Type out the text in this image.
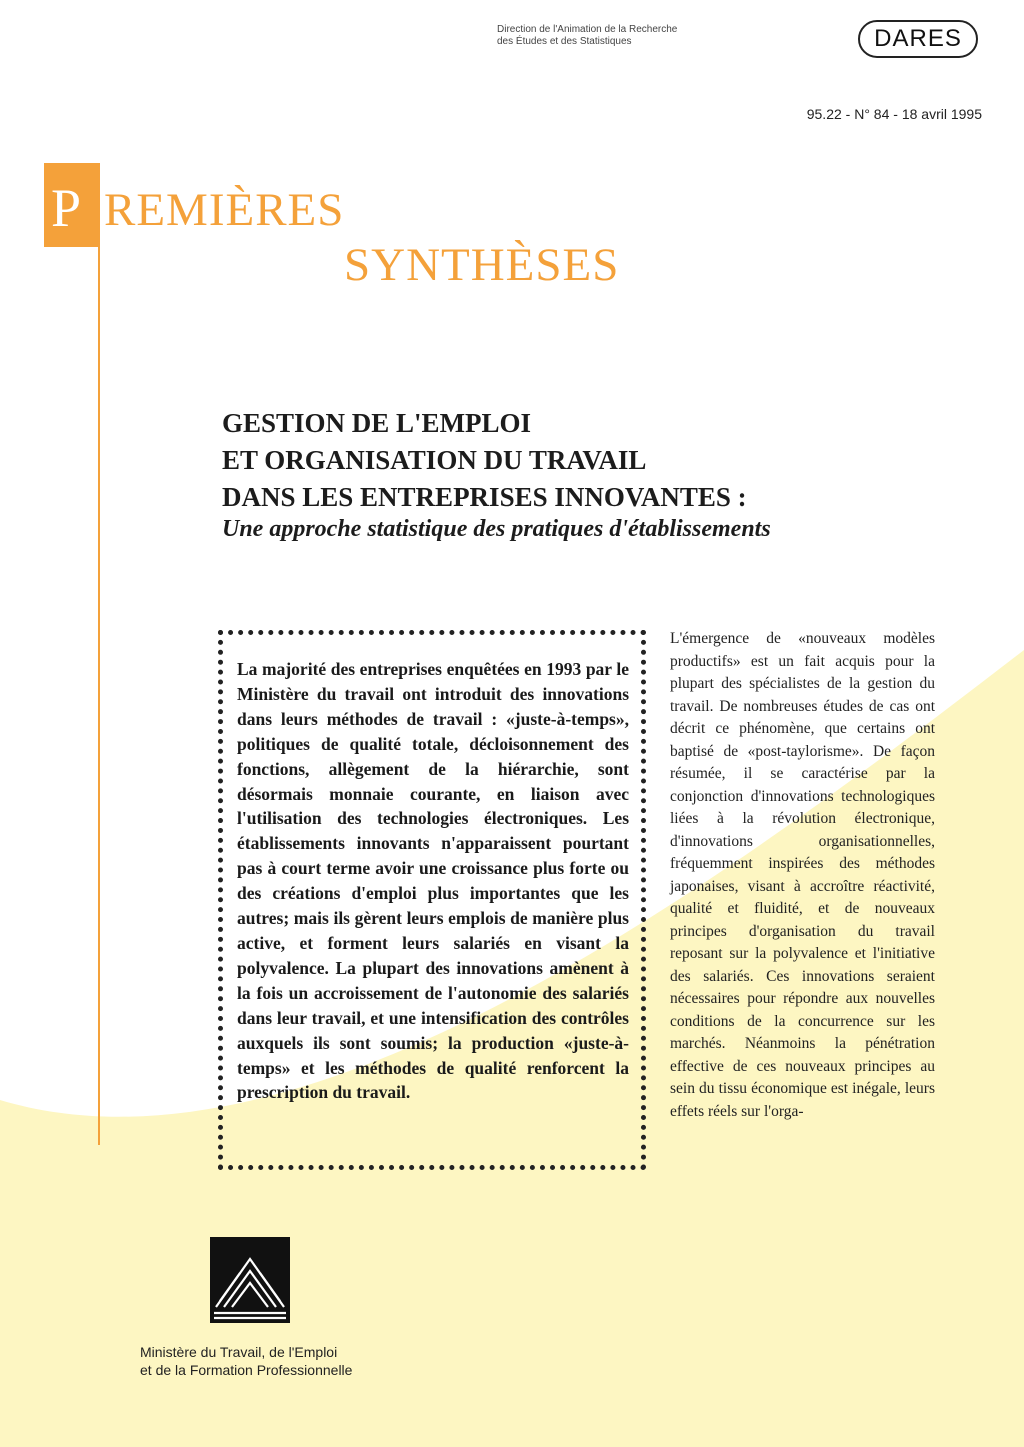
Direction de l'Animation de la Recherche
des Études et des Statistiques	DARES
95.22 - N° 84 - 18 avril 1995
P REMIÈRES
SYNTHÈSES
GESTION DE L'EMPLOI
ET ORGANISATION DU TRAVAIL
DANS LES ENTREPRISES INNOVANTES :
Une approche statistique des pratiques d'établissements

La majorité des entreprises enquêtées en 1993 par le Ministère du travail ont introduit des innovations dans leurs méthodes de travail : «juste-à-temps», politiques de qualité totale, décloisonnement des fonctions, allègement de la hiérarchie, sont désormais monnaie courante, en liaison avec l'utilisation des technologies électroniques. Les établissements innovants n'apparaissent pourtant pas à court terme avoir une croissance plus forte ou des créations d'emploi plus importantes que les autres; mais ils gèrent leurs emplois de manière plus active, et forment leurs salariés en visant la polyvalence. La plupart des innovations amènent à la fois un accroissement de l'autonomie des salariés dans leur travail, et une intensification des contrôles auxquels ils sont soumis; la production «juste-à-temps» et les méthodes de qualité renforcent la prescription du travail.

L'émergence de «nouveaux modèles productifs» est un fait acquis pour la plupart des spécialistes de la gestion du travail. De nombreuses études de cas ont décrit ce phénomène, que certains ont baptisé de «post-taylorisme». De façon résumée, il se caractérise par la conjonction d'innovations technologiques liées à la révolution électronique, d'innovations organisationnelles, fréquemment inspirées des méthodes japonaises, visant à accroître réactivité, qualité et fluidité, et de nouveaux principes d'organisation du travail reposant sur la polyvalence et l'initiative des salariés. Ces innovations seraient nécessaires pour répondre aux nouvelles conditions de la concurrence sur les marchés. Néanmoins la pénétration effective de ces nouveaux principes au sein du tissu économique est inégale, leurs effets réels sur l'orga-

Ministère du Travail, de l'Emploi
et de la Formation Professionnelle
